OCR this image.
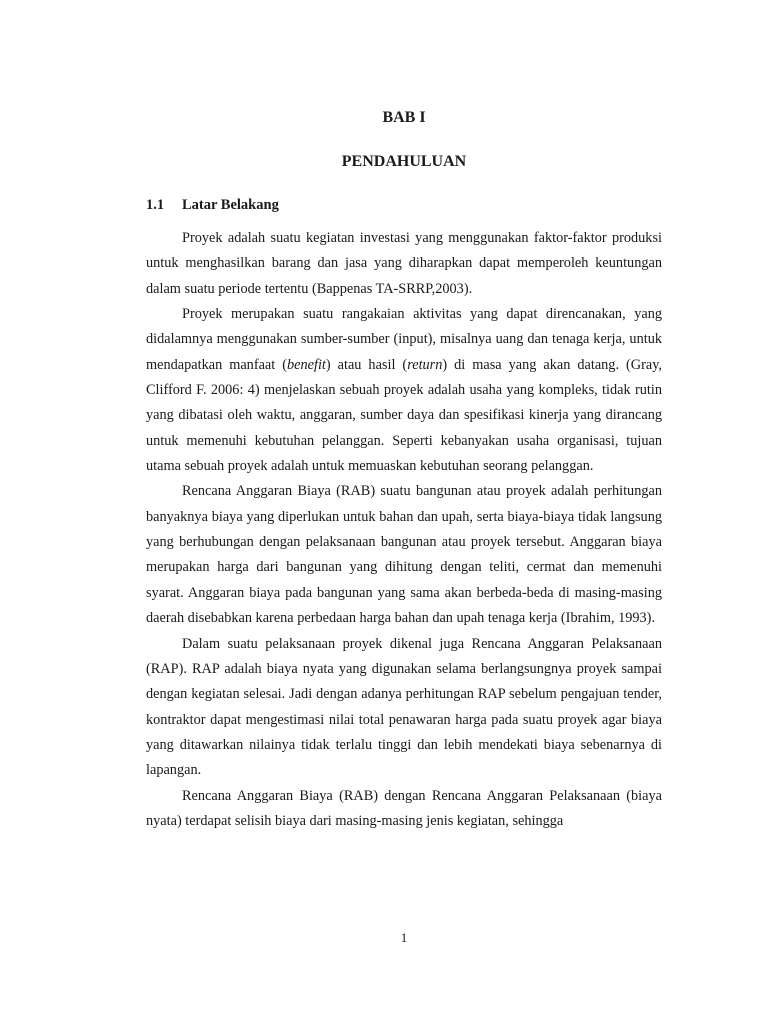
BAB I
PENDAHULUAN
1.1 Latar Belakang

Proyek adalah suatu kegiatan investasi yang menggunakan faktor-faktor produksi untuk menghasilkan barang dan jasa yang diharapkan dapat memperoleh keuntungan dalam suatu periode tertentu (Bappenas TA-SRRP,2003).

Proyek merupakan suatu rangakaian aktivitas yang dapat direncanakan, yang didalamnya menggunakan sumber-sumber (input), misalnya uang dan tenaga kerja, untuk mendapatkan manfaat (benefit) atau hasil (return) di masa yang akan datang. (Gray, Clifford F. 2006: 4) menjelaskan sebuah proyek adalah usaha yang kompleks, tidak rutin yang dibatasi oleh waktu, anggaran, sumber daya dan spesifikasi kinerja yang dirancang untuk memenuhi kebutuhan pelanggan. Seperti kebanyakan usaha organisasi, tujuan utama sebuah proyek adalah untuk memuaskan kebutuhan seorang pelanggan.

Rencana Anggaran Biaya (RAB) suatu bangunan atau proyek adalah perhitungan banyaknya biaya yang diperlukan untuk bahan dan upah, serta biaya-biaya tidak langsung yang berhubungan dengan pelaksanaan bangunan atau proyek tersebut. Anggaran biaya merupakan harga dari bangunan yang dihitung dengan teliti, cermat dan memenuhi syarat. Anggaran biaya pada bangunan yang sama akan berbeda-beda di masing-masing daerah disebabkan karena perbedaan harga bahan dan upah tenaga kerja (Ibrahim, 1993).

Dalam suatu pelaksanaan proyek dikenal juga Rencana Anggaran Pelaksanaan (RAP). RAP adalah biaya nyata yang digunakan selama berlangsungnya proyek sampai dengan kegiatan selesai. Jadi dengan adanya perhitungan RAP sebelum pengajuan tender, kontraktor dapat mengestimasi nilai total penawaran harga pada suatu proyek agar biaya yang ditawarkan nilainya tidak terlalu tinggi dan lebih mendekati biaya sebenarnya di lapangan.

Rencana Anggaran Biaya (RAB) dengan Rencana Anggaran Pelaksanaan (biaya nyata) terdapat selisih biaya dari masing-masing jenis kegiatan, sehingga

1
